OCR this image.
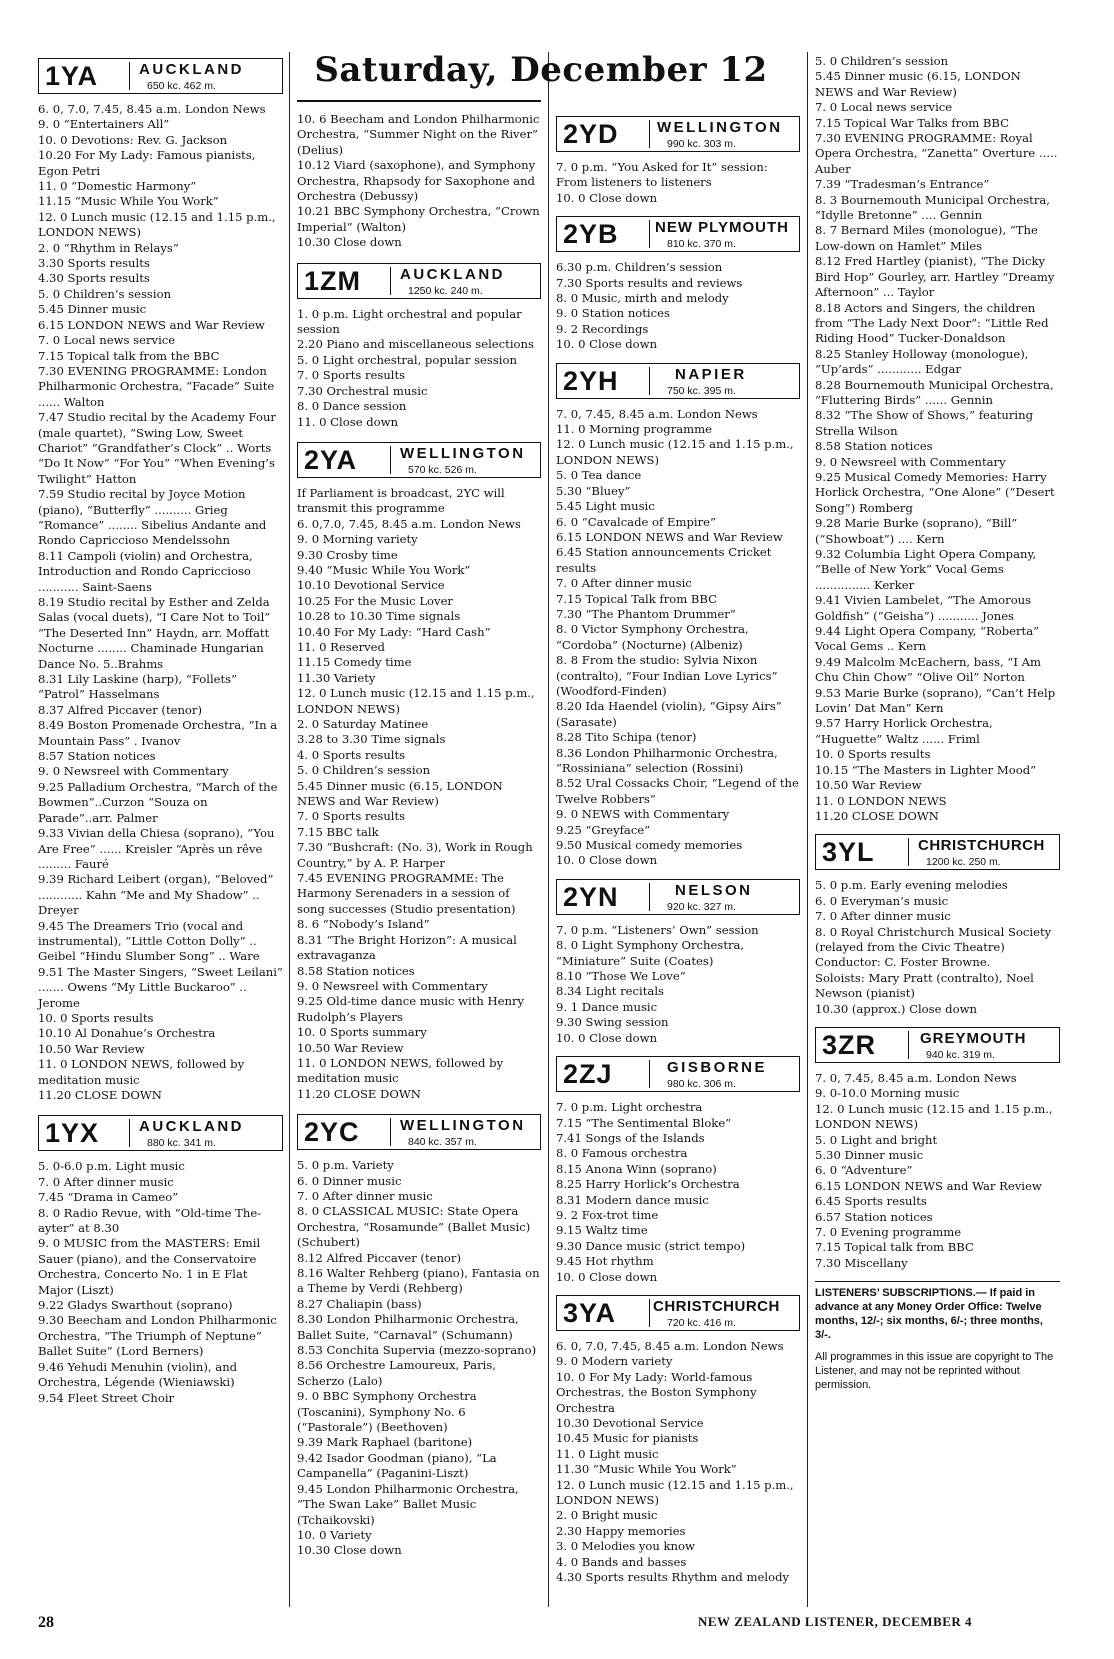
Saturday, December 12
1YA	AUCKLAND
650 kc. 462 m.

6. 0, 7.0, 7.45, 8.45 a.m. London News

9. 0 “Entertainers All”

10. 0 Devotions: Rev. G. Jackson

10.20 For My Lady: Famous pianists, Egon Petri

11. 0 “Domestic Harmony”

11.15 “Music While You Work”

12. 0 Lunch music (12.15 and 1.15 p.m., LONDON NEWS)

2. 0 “Rhythm in Relays”

3.30 Sports results

4.30 Sports results

5. 0 Children’s session

5.45 Dinner music

6.15 LONDON NEWS and War Review

7. 0 Local news service

7.15 Topical talk from the BBC

7.30 EVENING PROGRAMME: London Philharmonic Orchestra, “Facade” Suite ...... Walton

7.47 Studio recital by the Academy Four (male quartet), “Swing Low, Sweet Chariot” “Grandfather’s Clock” .. Worts “Do It Now” “For You” “When Evening’s Twilight” Hatton

7.59 Studio recital by Joyce Motion (piano), “Butterfly” .......... Grieg “Romance” ........ Sibelius Andante and Rondo Capriccioso Mendelssohn

8.11 Campoli (violin) and Orchestra, Introduction and Rondo Capriccioso ........... Saint-Saens

8.19 Studio recital by Esther and Zelda Salas (vocal duets), “I Care Not to Toil” “The Deserted Inn” Haydn, arr. Moffatt Nocturne ........ Chaminade Hungarian Dance No. 5..Brahms

8.31 Lily Laskine (harp), “Follets” “Patrol” Hasselmans

8.37 Alfred Piccaver (tenor)

8.49 Boston Promenade Orchestra, “In a Mountain Pass” . Ivanov

8.57 Station notices

9. 0 Newsreel with Commentary

9.25 Palladium Orchestra, “March of the Bowmen”..Curzon “Souza on Parade”..arr. Palmer

9.33 Vivian della Chiesa (soprano), “You Are Free” ...... Kreisler “Après un rêve ......... Fauré

9.39 Richard Leibert (organ), “Beloved” ............ Kahn “Me and My Shadow” .. Dreyer

9.45 The Dreamers Trio (vocal and instrumental), “Little Cotton Dolly” .. Geibel “Hindu Slumber Song” .. Ware

9.51 The Master Singers, “Sweet Leilani” ....... Owens “My Little Buckaroo” .. Jerome

10. 0 Sports results

10.10 Al Donahue’s Orchestra

10.50 War Review

11. 0 LONDON NEWS, followed by meditation music

11.20 CLOSE DOWN

1YX	AUCKLAND
880 kc. 341 m.

5. 0-6.0 p.m. Light music

7. 0 After dinner music

7.45 “Drama in Cameo”

8. 0 Radio Revue, with “Old-time The-ayter” at 8.30

9. 0 MUSIC from the MASTERS: Emil Sauer (piano), and the Conservatoire Orchestra, Concerto No. 1 in E Flat Major (Liszt)

9.22 Gladys Swarthout (soprano)

9.30 Beecham and London Philharmonic Orchestra, “The Triumph of Neptune” Ballet Suite” (Lord Berners)

9.46 Yehudi Menuhin (violin), and Orchestra, Légende (Wieniawski)

9.54 Fleet Street Choir

10. 6 Beecham and London Philharmonic Orchestra, “Summer Night on the River” (Delius)

10.12 Viard (saxophone), and Symphony Orchestra, Rhapsody for Saxophone and Orchestra (Debussy)

10.21 BBC Symphony Orchestra, “Crown Imperial” (Walton)

10.30 Close down

1ZM	AUCKLAND
1250 kc. 240 m.

1. 0 p.m. Light orchestral and popular session

2.20 Piano and miscellaneous selections

5. 0 Light orchestral, popular session

7. 0 Sports results

7.30 Orchestral music

8. 0 Dance session

11. 0 Close down

2YA	WELLINGTON
570 kc. 526 m.

If Parliament is broadcast, 2YC will transmit this programme

6. 0,7.0, 7.45, 8.45 a.m. London News

9. 0 Morning variety

9.30 Crosby time

9.40 “Music While You Work”

10.10 Devotional Service

10.25 For the Music Lover

10.28 to 10.30 Time signals

10.40 For My Lady: “Hard Cash”

11. 0 Reserved

11.15 Comedy time

11.30 Variety

12. 0 Lunch music (12.15 and 1.15 p.m., LONDON NEWS)

2. 0 Saturday Matinee

3.28 to 3.30 Time signals

4. 0 Sports results

5. 0 Children’s session

5.45 Dinner music (6.15, LONDON NEWS and War Review)

7. 0 Sports results

7.15 BBC talk

7.30 “Bushcraft: (No. 3), Work in Rough Country,” by A. P. Harper

7.45 EVENING PROGRAMME: The Harmony Serenaders in a session of song successes (Studio presentation)

8. 6 “Nobody’s Island”

8.31 “The Bright Horizon”: A musical extravaganza

8.58 Station notices

9. 0 Newsreel with Commentary

9.25 Old-time dance music with Henry Rudolph’s Players

10. 0 Sports summary

10.50 War Review

11. 0 LONDON NEWS, followed by meditation music

11.20 CLOSE DOWN

2YC	WELLINGTON
840 kc. 357 m.

5. 0 p.m. Variety

6. 0 Dinner music

7. 0 After dinner music

8. 0 CLASSICAL MUSIC: State Opera Orchestra, “Rosamunde” (Ballet Music) (Schubert)

8.12 Alfred Piccaver (tenor)

8.16 Walter Rehberg (piano), Fantasia on a Theme by Verdi (Rehberg)

8.27 Chaliapin (bass)

8.30 London Philharmonic Orchestra, Ballet Suite, “Carnaval” (Schumann)

8.53 Conchita Supervia (mezzo-soprano)

8.56 Orchestre Lamoureux, Paris, Scherzo (Lalo)

9. 0 BBC Symphony Orchestra (Toscanini), Symphony No. 6 (“Pastorale”) (Beethoven)

9.39 Mark Raphael (baritone)

9.42 Isador Goodman (piano), “La Campanella” (Paganini-Liszt)

9.45 London Philharmonic Orchestra, “The Swan Lake” Ballet Music (Tchaikovski)

10. 0 Variety

10.30 Close down

2YD	WELLINGTON
990 kc. 303 m.

7. 0 p.m. “You Asked for It” session: From listeners to listeners

10. 0 Close down

2YB NEW PLYMOUTH
810 kc. 370 m.

6.30 p.m. Children’s session

7.30 Sports results and reviews

8. 0 Music, mirth and melody

9. 0 Station notices

9. 2 Recordings

10. 0 Close down

2YH	NAPIER
750 kc. 395 m.

7. 0, 7.45, 8.45 a.m. London News

11. 0 Morning programme

12. 0 Lunch music (12.15 and 1.15 p.m., LONDON NEWS)

5. 0 Tea dance

5.30 “Bluey”

5.45 Light music

6. 0 “Cavalcade of Empire”

6.15 LONDON NEWS and War Review

6.45 Station announcements Cricket results

7. 0 After dinner music

7.15 Topical Talk from BBC

7.30 “The Phantom Drummer”

8. 0 Victor Symphony Orchestra, “Cordoba” (Nocturne) (Albeniz)

8. 8 From the studio: Sylvia Nixon (contralto), “Four Indian Love Lyrics” (Woodford-Finden)

8.20 Ida Haendel (violin), “Gipsy Airs” (Sarasate)

8.28 Tito Schipa (tenor)

8.36 London Philharmonic Orchestra, “Rossiniana” selection (Rossini)

8.52 Ural Cossacks Choir, “Legend of the Twelve Robbers”

9. 0 NEWS with Commentary

9.25 “Greyface”

9.50 Musical comedy memories

10. 0 Close down

2YN	NELSON
920 kc. 327 m.

7. 0 p.m. “Listeners’ Own” session

8. 0 Light Symphony Orchestra, “Miniature” Suite (Coates)

8.10 “Those We Love”

8.34 Light recitals

9. 1 Dance music

9.30 Swing session

10. 0 Close down

2ZJ	GISBORNE
980 kc. 306 m.

7. 0 p.m. Light orchestra

7.15 “The Sentimental Bloke”

7.41 Songs of the Islands

8. 0 Famous orchestra

8.15 Anona Winn (soprano)

8.25 Harry Horlick’s Orchestra

8.31 Modern dance music

9. 2 Fox-trot time

9.15 Waltz time

9.30 Dance music (strict tempo)

9.45 Hot rhythm

10. 0 Close down

3YA CHRISTCHURCH
720 kc. 416 m.

6. 0, 7.0, 7.45, 8.45 a.m. London News

9. 0 Modern variety

10. 0 For My Lady: World-famous Orchestras, the Boston Symphony Orchestra

10.30 Devotional Service

10.45 Music for pianists

11. 0 Light music

11.30 “Music While You Work”

12. 0 Lunch music (12.15 and 1.15 p.m., LONDON NEWS)

2. 0 Bright music

2.30 Happy memories

3. 0 Melodies you know

4. 0 Bands and basses

4.30 Sports results Rhythm and melody

5. 0 Children’s session

5.45 Dinner music (6.15, LONDON NEWS and War Review)

7. 0 Local news service

7.15 Topical War Talks from BBC

7.30 EVENING PROGRAMME: Royal Opera Orchestra, “Zanetta” Overture ..... Auber

7.39 “Tradesman’s Entrance”

8. 3 Bournemouth Municipal Orchestra, “Idylle Bretonne” .... Gennin

8. 7 Bernard Miles (monologue), “The Low-down on Hamlet” Miles

8.12 Fred Hartley (pianist), “The Dicky Bird Hop” Gourley, arr. Hartley “Dreamy Afternoon” ... Taylor

8.18 Actors and Singers, the children from “The Lady Next Door”: “Little Red Riding Hood” Tucker-Donaldson

8.25 Stanley Holloway (monologue), “Up’ards” ............ Edgar

8.28 Bournemouth Municipal Orchestra, “Fluttering Birds” ...... Gennin

8.32 “The Show of Shows,” featuring Strella Wilson

8.58 Station notices

9. 0 Newsreel with Commentary

9.25 Musical Comedy Memories: Harry Horlick Orchestra, “One Alone” (“Desert Song”) Romberg

9.28 Marie Burke (soprano), “Bill” (“Showboat”) .... Kern

9.32 Columbia Light Opera Company, “Belle of New York” Vocal Gems ............... Kerker

9.41 Vivien Lambelet, “The Amorous Goldfish” (“Geisha”) ........... Jones

9.44 Light Opera Company, “Roberta” Vocal Gems .. Kern

9.49 Malcolm McEachern, bass, “I Am Chu Chin Chow” “Olive Oil” Norton

9.53 Marie Burke (soprano), “Can’t Help Lovin’ Dat Man” Kern

9.57 Harry Horlick Orchestra, “Huguette” Waltz ...... Friml

10. 0 Sports results

10.15 “The Masters in Lighter Mood”

10.50 War Review

11. 0 LONDON NEWS

11.20 CLOSE DOWN

3YL	CHRISTCHURCH
1200 kc. 250 m.

5. 0 p.m. Early evening melodies

6. 0 Everyman’s music

7. 0 After dinner music

8. 0 Royal Christchurch Musical Society (relayed from the Civic Theatre)

Conductor: C. Foster Browne.

Soloists: Mary Pratt (contralto), Noel Newson (pianist)

10.30 (approx.) Close down

3ZR	GREYMOUTH
940 kc. 319 m.

7. 0, 7.45, 8.45 a.m. London News

9. 0-10.0 Morning music

12. 0 Lunch music (12.15 and 1.15 p.m., LONDON NEWS)

5. 0 Light and bright

5.30 Dinner music

6. 0 “Adventure”

6.15 LONDON NEWS and War Review

6.45 Sports results

6.57 Station notices

7. 0 Evening programme

7.15 Topical talk from BBC

7.30 Miscellany

LISTENERS’ SUBSCRIPTIONS.— If paid in advance at any Money Order Office: Twelve months, 12/-; six months, 6/-; three months, 3/-.
All programmes in this issue are copyright to The Listener, and may not be reprinted without permission.
28	NEW ZEALAND LISTENER, DECEMBER 4
